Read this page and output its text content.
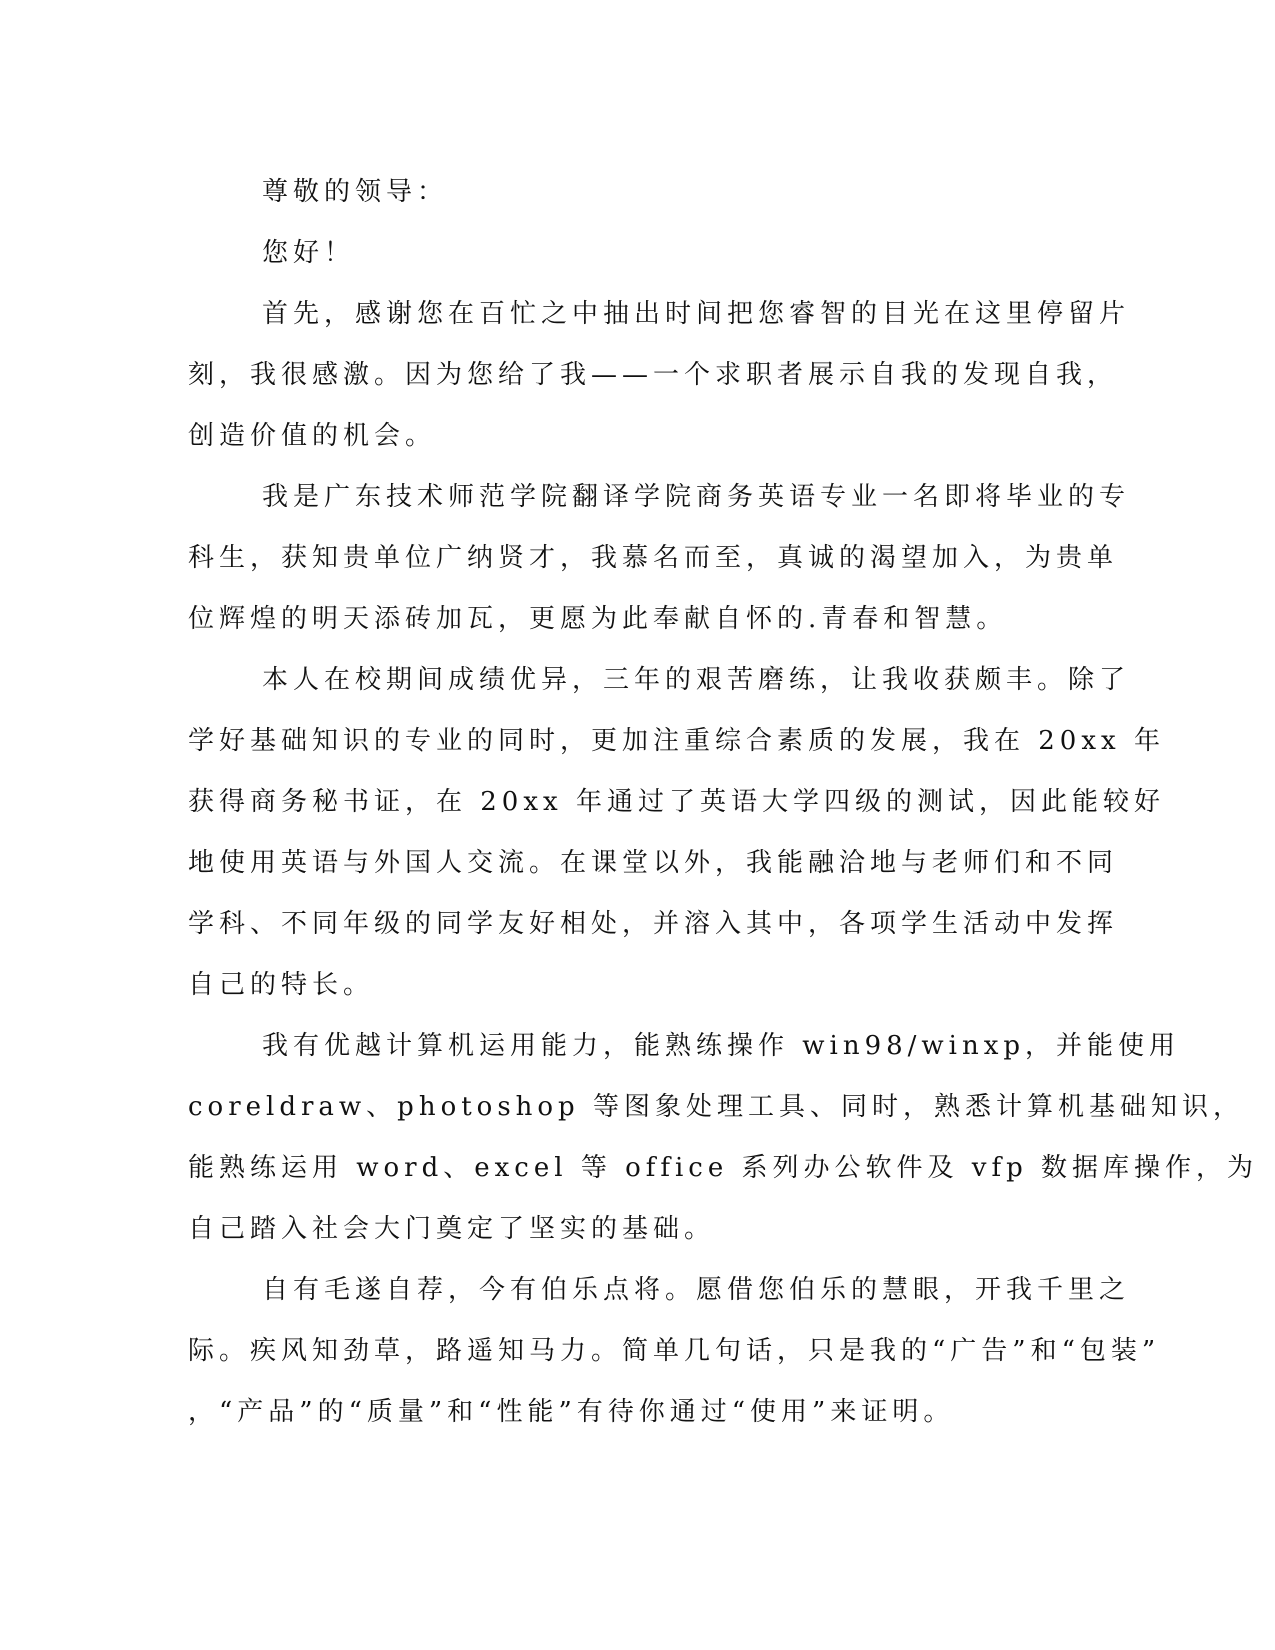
尊敬的领导：
您好！
首先，感谢您在百忙之中抽出时间把您睿智的目光在这里停留片
刻，我很感激。因为您给了我——一个求职者展示自我的发现自我，
创造价值的机会。
我是广东技术师范学院翻译学院商务英语专业一名即将毕业的专
科生，获知贵单位广纳贤才，我慕名而至，真诚的渴望加入，为贵单
位辉煌的明天添砖加瓦，更愿为此奉献自怀的.青春和智慧。
本人在校期间成绩优异，三年的艰苦磨练，让我收获颇丰。除了
学好基础知识的专业的同时，更加注重综合素质的发展，我在 20xx 年
获得商务秘书证，在 20xx 年通过了英语大学四级的测试，因此能较好
地使用英语与外国人交流。在课堂以外，我能融洽地与老师们和不同
学科、不同年级的同学友好相处，并溶入其中，各项学生活动中发挥
自己的特长。
我有优越计算机运用能力，能熟练操作 win98/winxp，并能使用
coreldraw、photoshop 等图象处理工具、同时，熟悉计算机基础知识，
能熟练运用 word、excel 等 office 系列办公软件及 vfp 数据库操作，为
自己踏入社会大门奠定了坚实的基础。
自有毛遂自荐，今有伯乐点将。愿借您伯乐的慧眼，开我千里之
际。疾风知劲草，路遥知马力。简单几句话，只是我的“广告”和“包装”
，“产品”的“质量”和“性能”有待你通过“使用”来证明。
